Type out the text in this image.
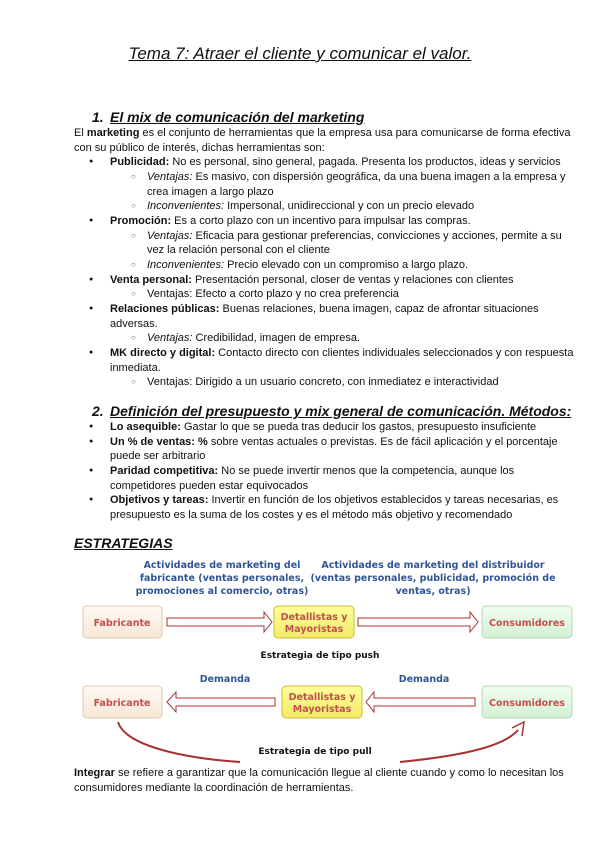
Tema 7: Atraer el cliente y comunicar el valor.
1. El mix de comunicación del marketing
El marketing es el conjunto de herramientas que la empresa usa para comunicarse de forma efectiva con su público de interés, dichas herramientas son:
● Publicidad: No es personal, sino general, pagada. Presenta los productos, ideas y servicios
○ Ventajas: Es masivo, con dispersión geográfica, da una buena imagen a la empresa y crea imagen a largo plazo
○ Inconvenientes: Impersonal, unidireccional y con un precio elevado
● Promoción: Es a corto plazo con un incentivo para impulsar las compras.
○ Ventajas: Eficacia para gestionar preferencias, convicciones y acciones, permite a su vez la relación personal con el cliente
○ Inconvenientes: Precio elevado con un compromiso a largo plazo.
● Venta personal: Presentación personal, closer de ventas y relaciones con clientes
○ Ventajas: Efecto a corto plazo y no crea preferencia
● Relaciones públicas: Buenas relaciones, buena imagen, capaz de afrontar situaciones adversas.
○ Ventajas: Credibilidad, imagen de empresa.
● MK directo y digital: Contacto directo con clientes individuales seleccionados y con respuesta inmediata.
○ Ventajas: Dirigido a un usuario concreto, con inmediatez e interactividad
2. Definición del presupuesto y mix general de comunicación. Métodos:
● Lo asequible: Gastar lo que se pueda tras deducir los gastos, presupuesto insuficiente
● Un % de ventas: % sobre ventas actuales o previstas. Es de fácil aplicación y el porcentaje puede ser arbitrario
● Paridad competitiva: No se puede invertir menos que la competencia, aunque los competidores pueden estar equivocados
● Objetivos y tareas: Invertir en función de los objetivos establecidos y tareas necesarias, es presupuesto es la suma de los costes y es el método más objetivo y recomendado
ESTRATEGIAS
Actividades de marketing del
fabricante (ventas personales,
promociones al comercio, otras)
Actividades de marketing del distribuidor
(ventas personales, publicidad, promoción de
ventas, otras)
Demanda	Demanda
Fabricante
Detallistas y
Mayoristas
Consumidores
Fabricante
Detallistas y
Mayoristas
Consumidores
Estrategia de tipo push
Estrategia de tipo pull
Integrar se refiere a garantizar que la comunicación llegue al cliente cuando y como lo necesitan los consumidores mediante la coordinación de herramientas.
